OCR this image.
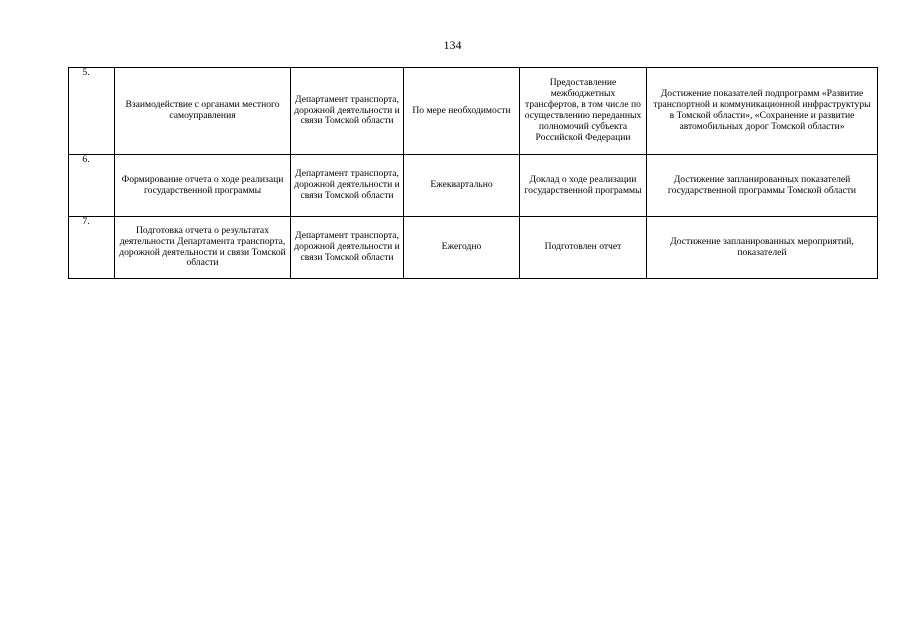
134
5.	Взаимодействие с органами местного самоуправления	Департамент транспорта, дорожной деятельности и связи Томской области	По мере необходимости	Предоставление межбюджетных трансфертов, в том числе по осуществлению переданных полномочий субъекта Российской Федерации	Достижение показателей подпрограмм «Развитие транспортной и коммуникационной инфраструктуры в Томской области», «Сохранение и развитие автомобильных дорог Томской области»

6.	Формирование отчета о ходе реализаци государственной программы	Департамент транспорта, дорожной деятельности и связи Томской области	Ежеквартально	Доклад о ходе реализации государственной программы	Достижение запланированных показателей государственной программы Томской области

7.	Подготовка отчета о результатах деятельности Департамента транспорта, дорожной деятельности и связи Томской области	Департамент транспорта, дорожной деятельности и связи Томской области	Ежегодно	Подготовлен отчет	Достижение запланированных мероприятий, показателей
